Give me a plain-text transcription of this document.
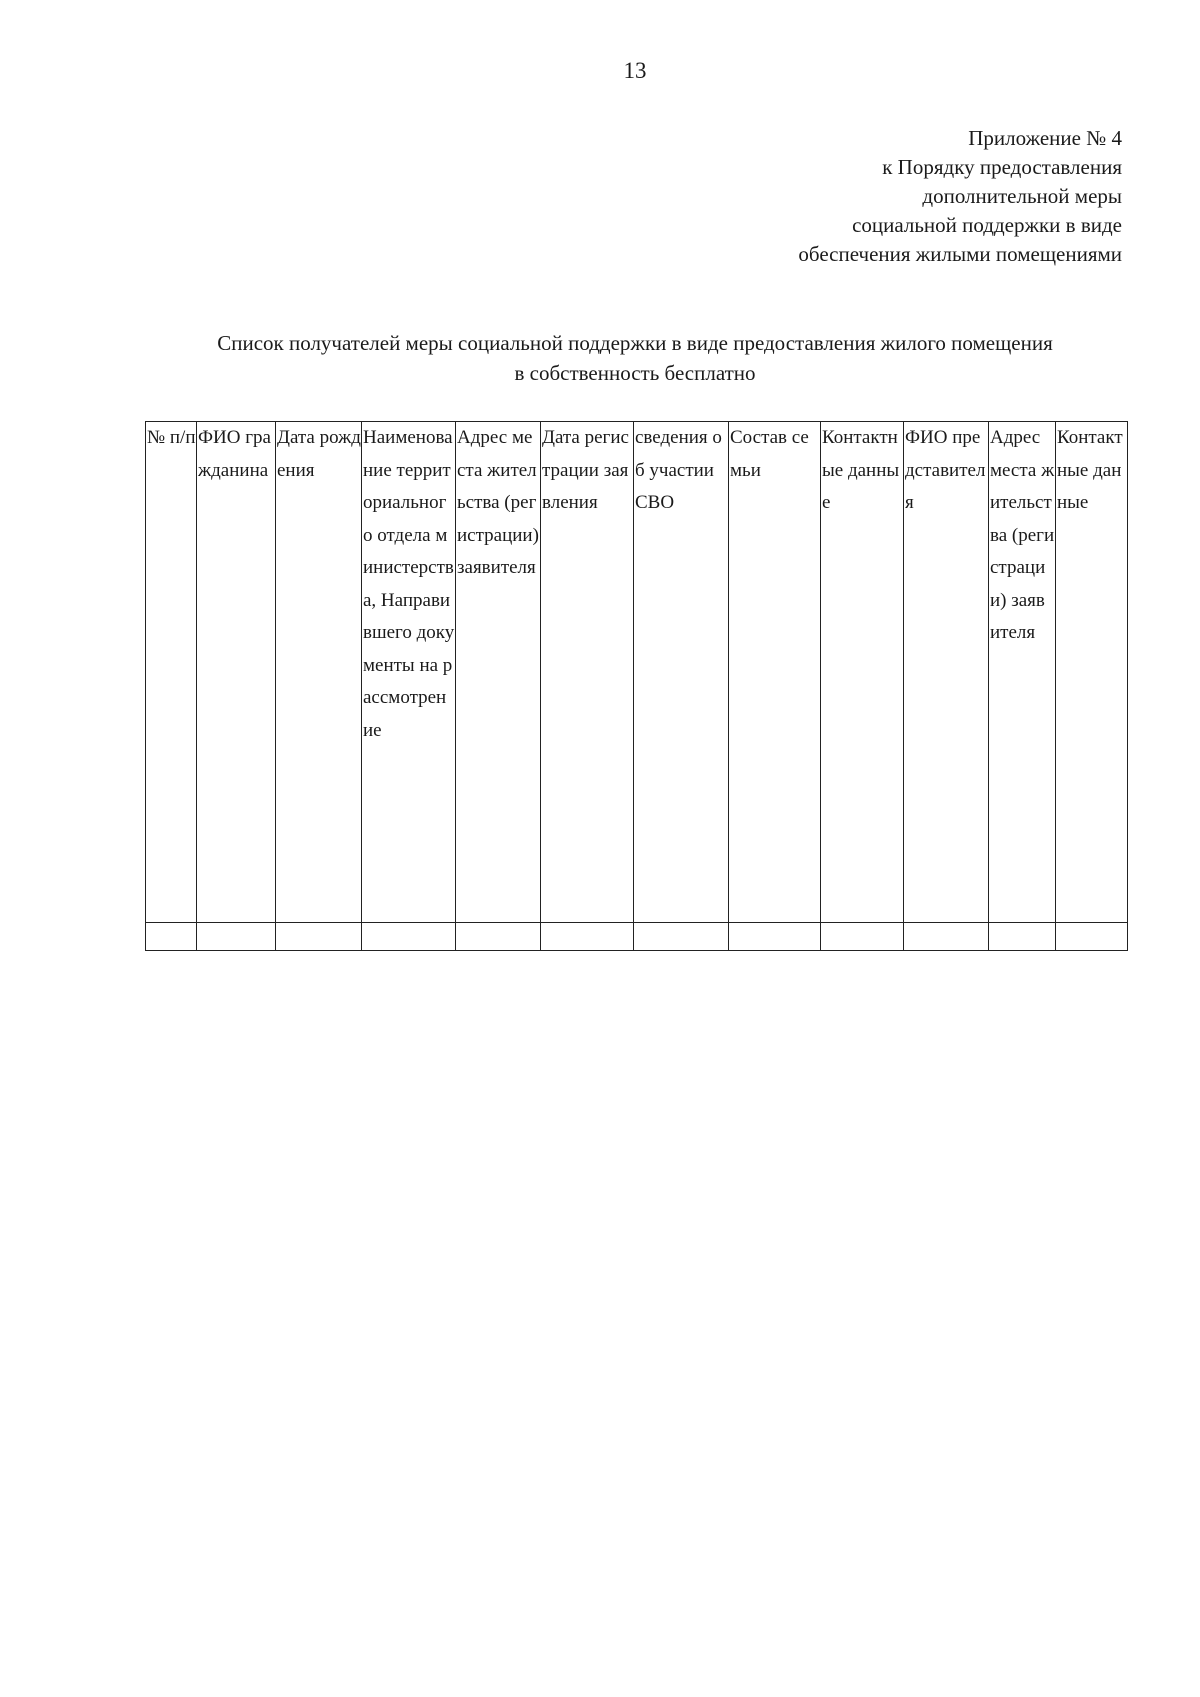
13
Приложение № 4
к Порядку предоставления
дополнительной меры
социальной поддержки в виде
обеспечения жилыми помещениями
Список получателей меры социальной поддержки в виде предоставления жилого помещения
в собственность бесплатно
№ п/п	ФИО гражданина	Дата рождения	Наименование территориального отдела министерства, Направившего документы на рассмотрение	Адрес места жительства (регистрации) заявителя	Дата регистрации заявления	сведения об участии СВО	Состав семьи	Контактные данные	ФИО представителя	Адрес места жительства (регистрации) заявителя	Контактные данные
